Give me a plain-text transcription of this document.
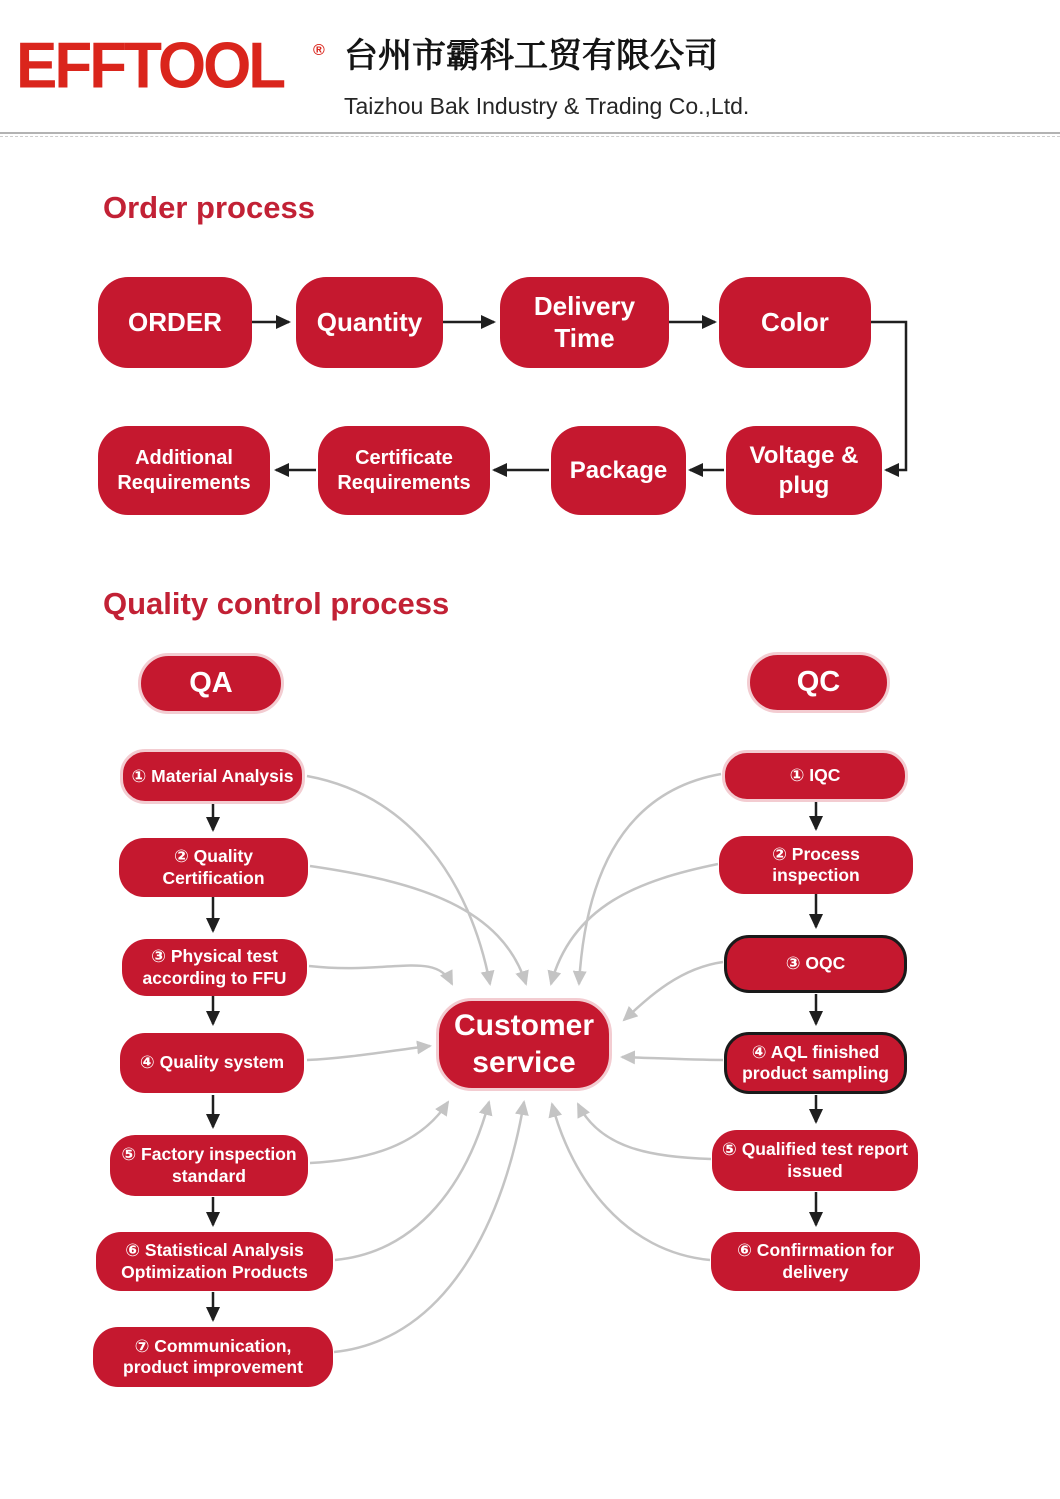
EFFTOOL ® 台州市霸科工贸有限公司
Taizhou Bak Industry & Trading Co.,Ltd.
Order process
ORDER	Quantity
Delivery Time
Color
Additional Requirements
Certificate Requirements	Package
Voltage & plug
Quality control process
QA	QC
① Material Analysis
② Quality Certification
③ Physical test according to FFU
④ Quality system
⑤ Factory inspection standard
⑥ Statistical Analysis Optimization Products
⑦ Communication, product improvement
① IQC
② Process inspection
③ OQC
④ AQL finished product sampling
⑤ Qualified test report issued
⑥ Confirmation for delivery
Customer service
